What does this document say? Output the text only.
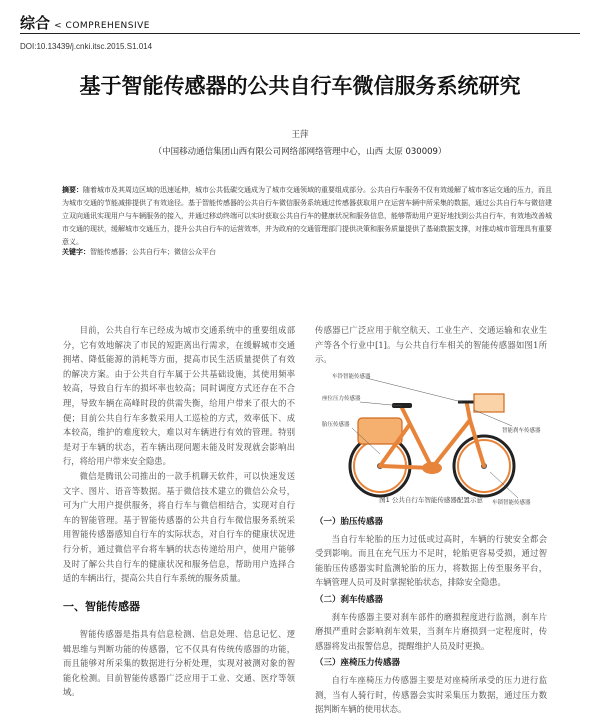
综合 < COMPREHENSIVE
DOI:10.13439/j.cnki.itsc.2015.S1.014
基于智能传感器的公共自行车微信服务系统研究
王萍
（中国移动通信集团山西有限公司网络部网络管理中心，山西 太原 030009）
摘要：随着城市及其周边区域的迅速延伸，城市公共低碳交通成为了城市交通领域的重要组成部分。公共自行车服务不仅有效缓解了城市客运交通的压力，而且为城市交通的节能减排提供了有效途径。基于智能传感器的公共自行车微信服务系统通过传感器获取用户在运营车辆中所采集的数据，通过公共自行车与微信建立双向通讯实现用户与车辆服务的接入，并通过移动终端可以实时获取公共自行车的健康状况和服务信息，能够帮助用户更好地找到公共自行车，有效地改善城市交通的现状，缓解城市交通压力，提升公共自行车的运营效率，并为政府的交通管理部门提供决策和服务质量提供了基础数据支撑，对推动城市管理具有重要意义。
关键字：智能传感器；公共自行车；微信公众平台

目前，公共自行车已经成为城市交通系统中的重要组成部分，它有效地解决了市民的短距离出行需求，在缓解城市交通拥堵、降低能源的消耗等方面，提高市民生活质量提供了有效的解决方案。由于公共自行车属于公共基础设施，其使用频率较高，导致自行车的损坏率也较高；同时调度方式还存在不合理，导致车辆在高峰时段的供需失衡，给用户带来了很大的不便；目前公共自行车多数采用人工巡检的方式，效率低下、成本较高，维护的难度较大，难以对车辆进行有效的管理。特别是对于车辆的状态，若车辆出现问题未能及时发现就会影响出行，将给用户带来安全隐患。

微信是腾讯公司推出的一款手机聊天软件，可以快速发送文字、图片、语音等数据。基于微信技术建立的微信公众号，可为广大用户提供服务，将自行车与微信相结合，实现对自行车的智能管理。基于智能传感器的公共自行车微信服务系统采用智能传感器感知自行车的实际状态，对自行车的健康状况进行分析，通过微信平台将车辆的状态传递给用户，使用户能够及时了解公共自行车的健康状况和服务信息，帮助用户选择合适的车辆出行，提高公共自行车系统的服务质量。

一、智能传感器

智能传感器是指具有信息检测、信息处理、信息记忆、逻辑思维与判断功能的传感器，它不仅具有传统传感器的功能，而且能够对所采集的数据进行分析处理，实现对被测对象的智能化检测。目前智能传感器广泛应用于工业、交通、医疗等领域。

传感器已广泛应用于航空航天、工业生产、交通运输和农业生产等各个行业中[1]。与公共自行车相关的智能传感器如图1所示。

车铃智能传感器
座位压力传感器
胎压传感器
智能刹车传感器
车锁智能传感器
图1 公共自行车智能传感器配置示意
（一）胎压传感器

当自行车轮胎的压力过低或过高时，车辆的行驶安全都会受到影响。而且在充气压力不足时，轮胎更容易受损，通过智能胎压传感器实时监测轮胎的压力，将数据上传至服务平台，车辆管理人员可及时掌握轮胎状态，排除安全隐患。

（二）刹车传感器

刹车传感器主要对刹车部件的磨损程度进行监测，刹车片磨损严重时会影响刹车效果，当刹车片磨损到一定程度时，传感器将发出报警信息，提醒维护人员及时更换。

（三）座椅压力传感器

自行车座椅压力传感器主要是对座椅所承受的压力进行监测，当有人骑行时，传感器会实时采集压力数据，通过压力数据判断车辆的使用状态。
